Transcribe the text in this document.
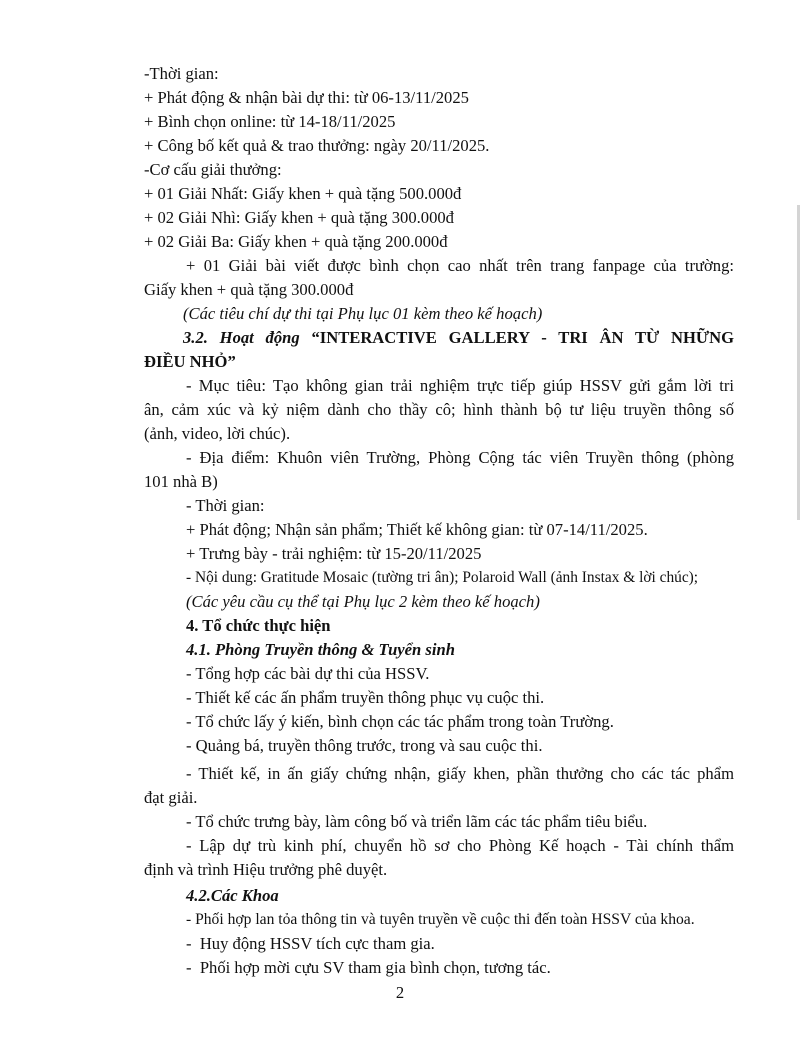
-Thời gian:

+ Phát động & nhận bài dự thi: từ 06-13/11/2025

+ Bình chọn online: từ 14-18/11/2025

+ Công bố kết quả & trao thưởng: ngày 20/11/2025.

-Cơ cấu giải thưởng:

+ 01 Giải Nhất: Giấy khen + quà tặng 500.000đ

+ 02 Giải Nhì: Giấy khen + quà tặng 300.000đ

+ 02 Giải Ba: Giấy khen + quà tặng 200.000đ

+ 01 Giải bài viết được bình chọn cao nhất trên trang fanpage của trường:

Giấy khen + quà tặng 300.000đ

(Các tiêu chí dự thi tại Phụ lục 01 kèm theo kế hoạch)

3.2. Hoạt động “INTERACTIVE GALLERY - TRI ÂN TỪ NHỮNG

ĐIỀU NHỎ”

- Mục tiêu: Tạo không gian trải nghiệm trực tiếp giúp HSSV gửi gắm lời tri

ân, cảm xúc và kỷ niệm dành cho thầy cô; hình thành bộ tư liệu truyền thông số

(ảnh, video, lời chúc).

- Địa điểm: Khuôn viên Trường, Phòng Cộng tác viên Truyền thông (phòng

101 nhà B)

- Thời gian:

+ Phát động; Nhận sản phẩm; Thiết kế không gian: từ 07-14/11/2025.

+ Trưng bày - trải nghiệm: từ 15-20/11/2025

- Nội dung: Gratitude Mosaic (tường tri ân); Polaroid Wall (ảnh Instax & lời chúc);

(Các yêu cầu cụ thể tại Phụ lục 2 kèm theo kế hoạch)

4. Tổ chức thực hiện

4.1. Phòng Truyền thông & Tuyển sinh

- Tổng hợp các bài dự thi của HSSV.

- Thiết kế các ấn phẩm truyền thông phục vụ cuộc thi.

- Tổ chức lấy ý kiến, bình chọn các tác phẩm trong toàn Trường.

- Quảng bá, truyền thông trước, trong và sau cuộc thi.

- Thiết kế, in ấn giấy chứng nhận, giấy khen, phần thưởng cho các tác phẩm

đạt giải.

- Tổ chức trưng bày, làm công bố và triển lãm các tác phẩm tiêu biểu.

- Lập dự trù kinh phí, chuyển hồ sơ cho Phòng Kế hoạch - Tài chính thẩm

định và trình Hiệu trưởng phê duyệt.

4.2.Các Khoa

- Phối hợp lan tỏa thông tin và tuyên truyền về cuộc thi đến toàn HSSV của khoa.

-  Huy động HSSV tích cực tham gia.

-  Phối hợp mời cựu SV tham gia bình chọn, tương tác.

2
